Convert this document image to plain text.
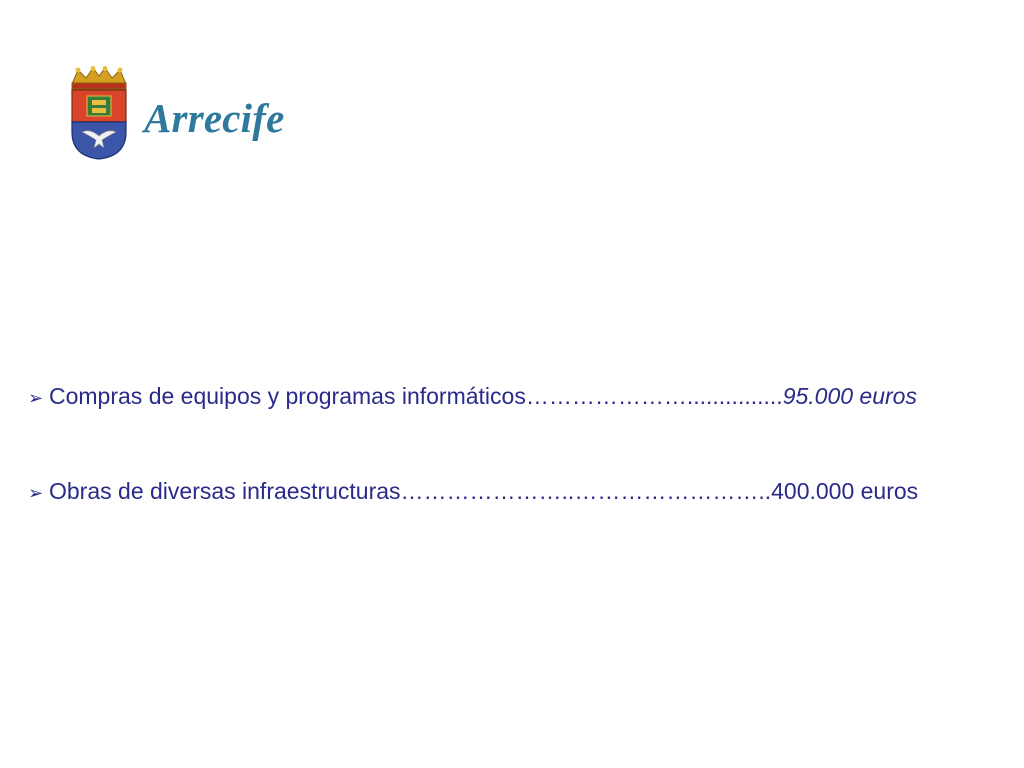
Arrecife
➢ Compras de equipos y programas informáticos …………………............... 95.000 euros
➢ Obras de diversas infraestructuras …………………..…………………….. 400.000 euros
